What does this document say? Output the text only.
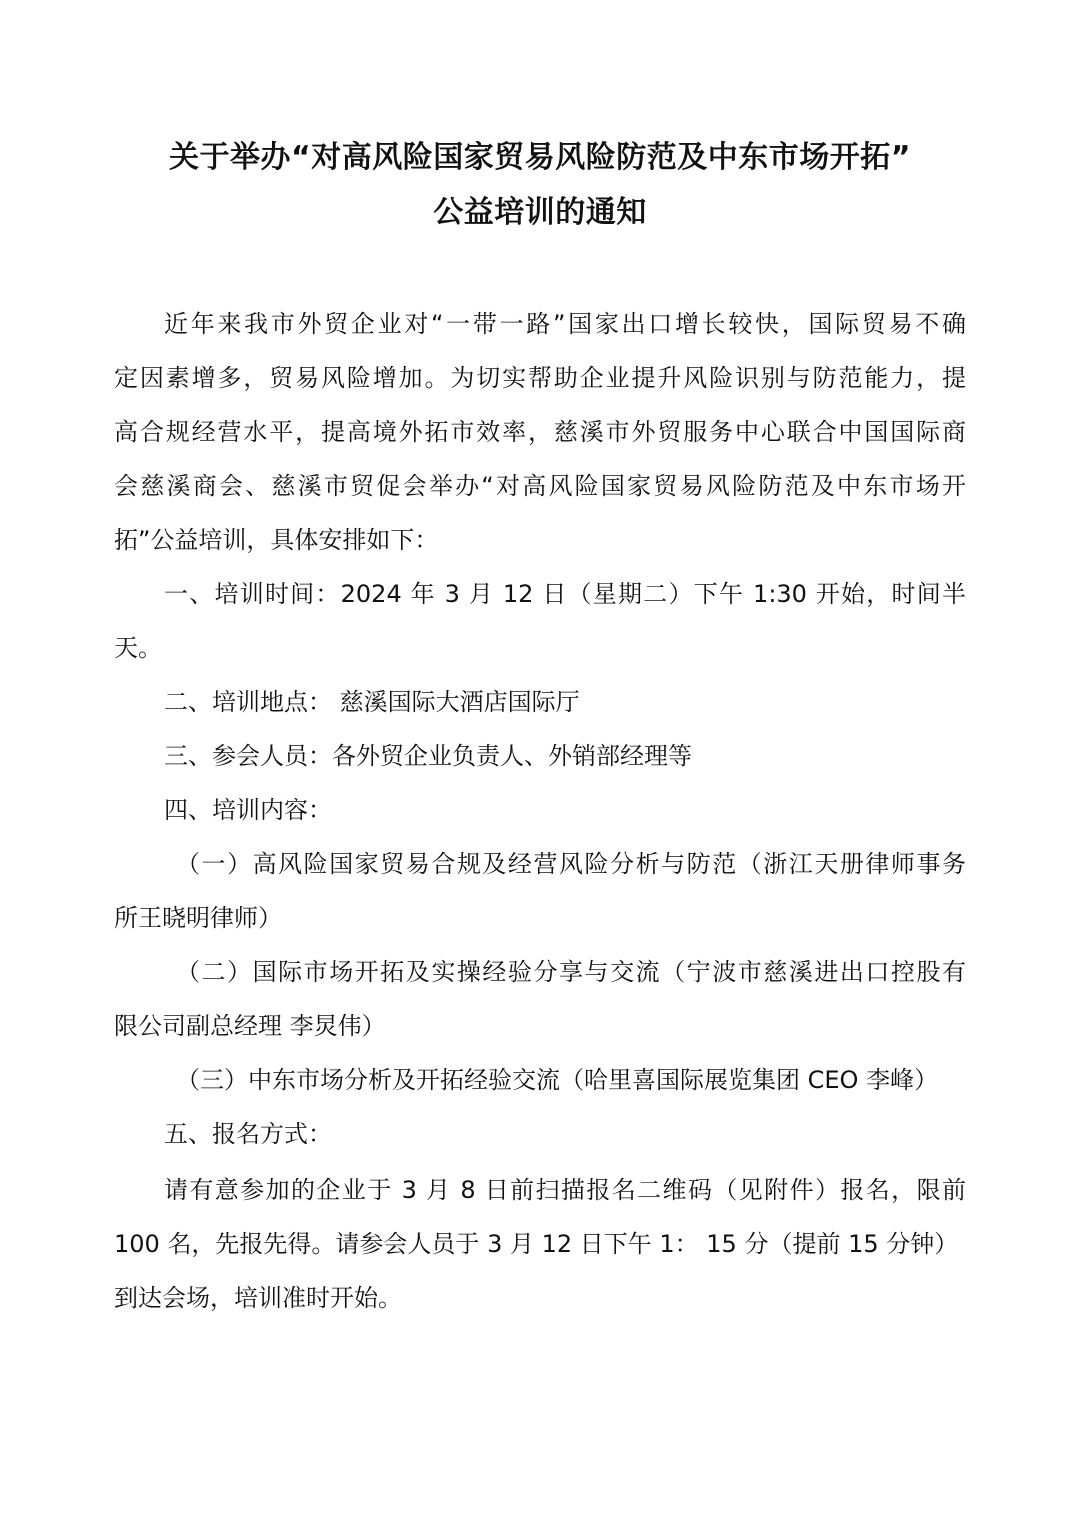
关于举办“对高风险国家贸易风险防范及中东市场开拓”
公益培训的通知

近年来我市外贸企业对“一带一路”国家出口增长较快，国际贸易不确

定因素增多，贸易风险增加。为切实帮助企业提升风险识别与防范能力，提

高合规经营水平，提高境外拓市效率，慈溪市外贸服务中心联合中国国际商

会慈溪商会、慈溪市贸促会举办“对高风险国家贸易风险防范及中东市场开

拓”公益培训，具体安排如下：

一、培训时间：2024 年 3 月 12 日（星期二）下午 1:30 开始，时间半

天。

二、培训地点： 慈溪国际大酒店国际厅

三、参会人员：各外贸企业负责人、外销部经理等

四、培训内容：

（一）高风险国家贸易合规及经营风险分析与防范（浙江天册律师事务

所王晓明律师）

（二）国际市场开拓及实操经验分享与交流（宁波市慈溪进出口控股有

限公司副总经理 李炅伟）

（三）中东市场分析及开拓经验交流（哈里喜国际展览集团 CEO 李峰）

五、报名方式：

请有意参加的企业于 3 月 8 日前扫描报名二维码（见附件）报名，限前

100 名，先报先得。请参会人员于 3 月 12 日下午 1： 15 分（提前 15 分钟）

到达会场，培训准时开始。
